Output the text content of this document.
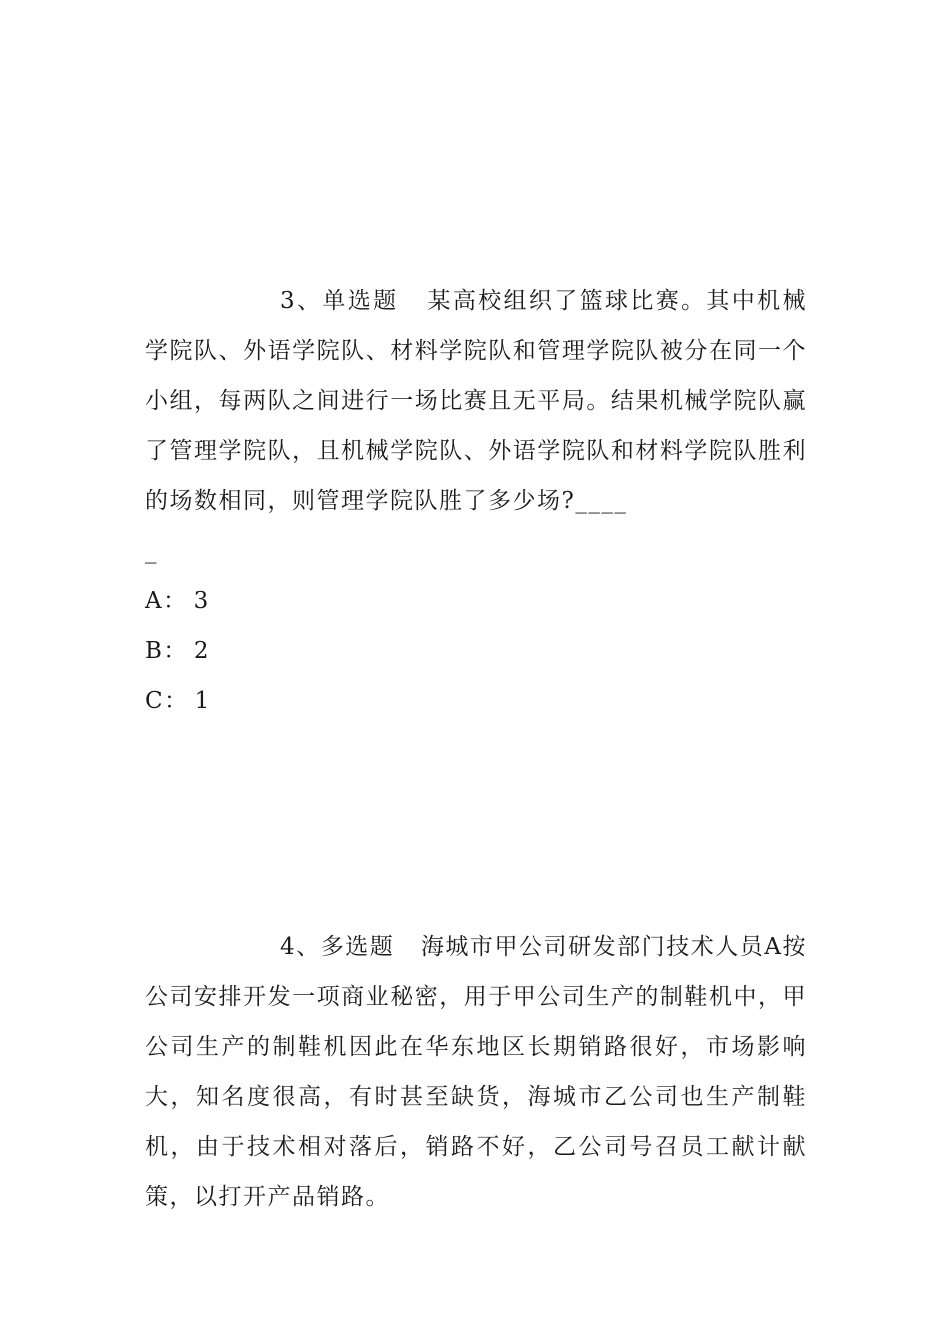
3、单选题 某高校组织了篮球比赛。其中机械学院队、外语学院队、材料学院队和管理学院队被分在同一个小组，每两队之间进行一场比赛且无平局。结果机械学院队赢了管理学院队，且机械学院队、外语学院队和材料学院队胜利的场数相同，则管理学院队胜了多少场?____

_
A： 3
B： 2
C： 1

4、多选题 海城市甲公司研发部门技术人员A按公司安排开发一项商业秘密，用于甲公司生产的制鞋机中，甲公司生产的制鞋机因此在华东地区长期销路很好，市场影响大，知名度很高，有时甚至缺货，海城市乙公司也生产制鞋机，由于技术相对落后，销路不好，乙公司号召员工献计献策，以打开产品销路。
